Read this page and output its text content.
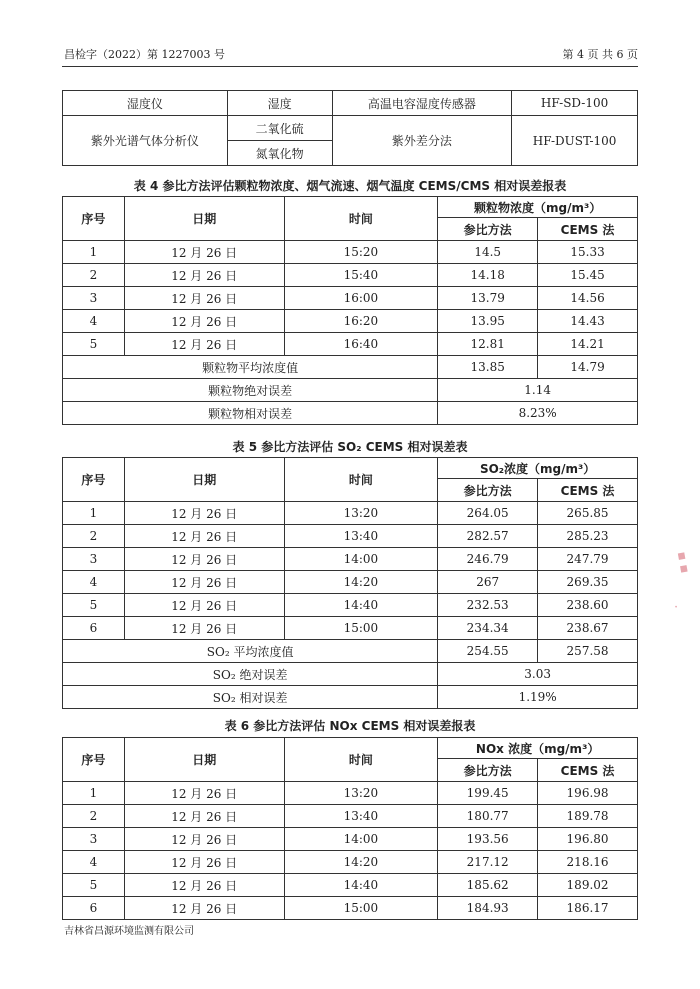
昌检字（2022）第 1227003 号	第 4 页 共 6 页
湿度仪	湿度	高温电容湿度传感器	HF-SD-100
紫外光谱气体分析仪	二氧化硫	紫外差分法	HF-DUST-100
	氮氧化物		
表 4 参比方法评估颗粒物浓度、烟气流速、烟气温度 CEMS/CMS 相对误差报表
序号	日期	时间	颗粒物浓度（mg/m³）	
			参比方法	CEMS 法
1	12 月 26 日	15:20	14.5	15.33
2	12 月 26 日	15:40	14.18	15.45
3	12 月 26 日	16:00	13.79	14.56
4	12 月 26 日	16:20	13.95	14.43
5	12 月 26 日	16:40	12.81	14.21
颗粒物平均浓度值			13.85	14.79
颗粒物绝对误差			1.14	
颗粒物相对误差			8.23%	
表 5 参比方法评估 SO₂ CEMS 相对误差表
序号	日期	时间	SO₂浓度（mg/m³）	
			参比方法	CEMS 法
1	12 月 26 日	13:20	264.05	265.85
2	12 月 26 日	13:40	282.57	285.23
3	12 月 26 日	14:00	246.79	247.79
4	12 月 26 日	14:20	267	269.35
5	12 月 26 日	14:40	232.53	238.60
6	12 月 26 日	15:00	234.34	238.67
SO₂ 平均浓度值			254.55	257.58
SO₂ 绝对误差			3.03	
SO₂ 相对误差			1.19%	
表 6 参比方法评估 NOx CEMS 相对误差报表
序号	日期	时间	NOx 浓度（mg/m³）	
			参比方法	CEMS 法
1	12 月 26 日	13:20	199.45	196.98
2	12 月 26 日	13:40	180.77	189.78
3	12 月 26 日	14:00	193.56	196.80
4	12 月 26 日	14:20	217.12	218.16
5	12 月 26 日	14:40	185.62	189.02
6	12 月 26 日	15:00	184.93	186.17
吉林省昌源环境监测有限公司
▪ ▪
·
